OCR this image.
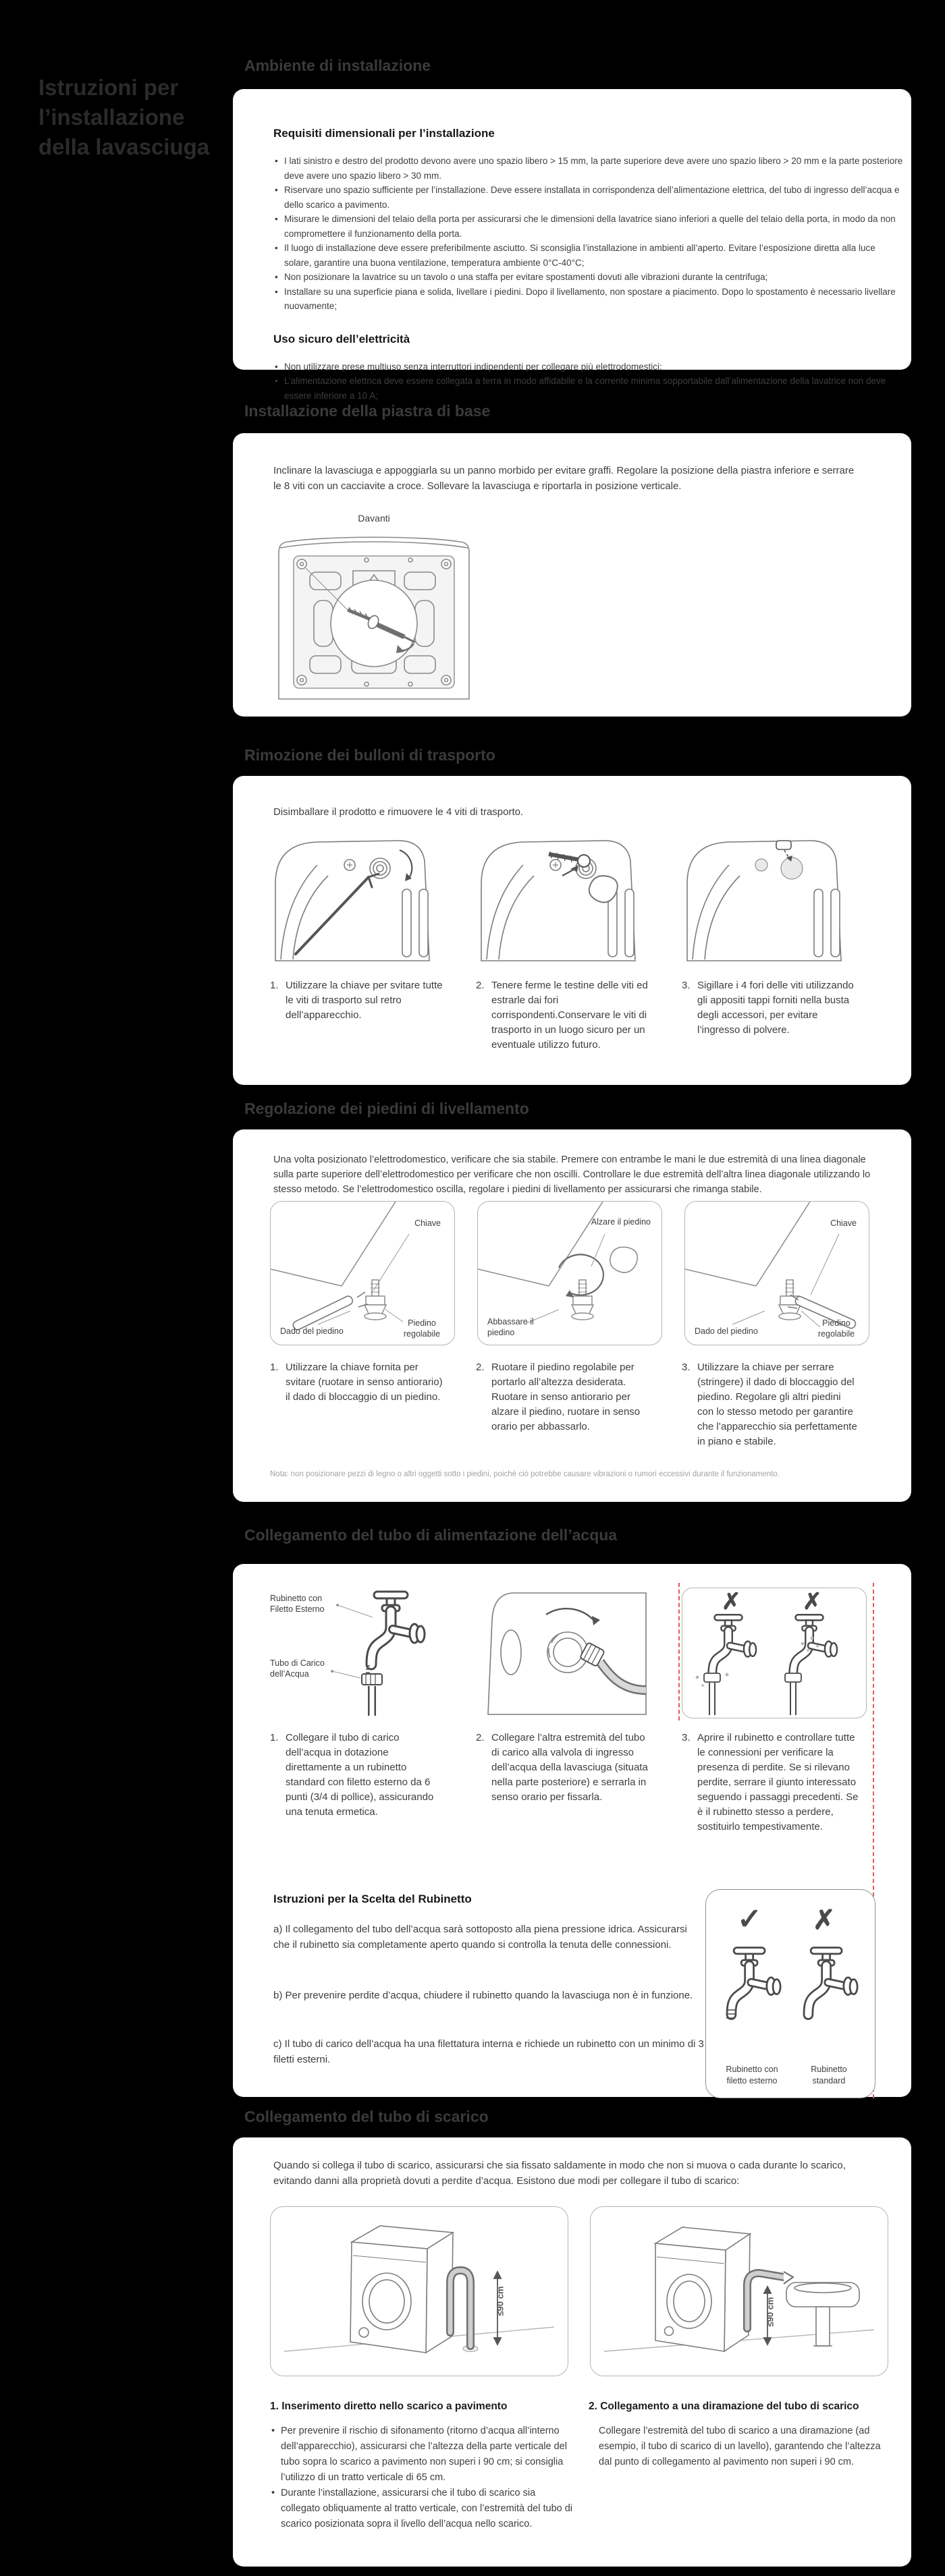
Istruzioni per l’installazione della lavasciuga
Ambiente di installazione
Requisiti dimensionali per l’installazione
• I lati sinistro e destro del prodotto devono avere uno spazio libero > 15 mm, la parte superiore deve avere uno spazio libero > 20 mm e la parte posteriore deve avere uno spazio libero > 30 mm.
• Riservare uno spazio sufficiente per l’installazione. Deve essere installata in corrispondenza dell’alimentazione elettrica, del tubo di ingresso dell’acqua e dello scarico a pavimento.
• Misurare le dimensioni del telaio della porta per assicurarsi che le dimensioni della lavatrice siano inferiori a quelle del telaio della porta, in modo da non compromettere il funzionamento della porta.
• Il luogo di installazione deve essere preferibilmente asciutto. Si sconsiglia l’installazione in ambienti all’aperto. Evitare l’esposizione diretta alla luce solare, garantire una buona ventilazione, temperatura ambiente 0°C-40°C;
• Non posizionare la lavatrice su un tavolo o una staffa per evitare spostamenti dovuti alle vibrazioni durante la centrifuga;
• Installare su una superficie piana e solida, livellare i piedini. Dopo il livellamento, non spostare a piacimento. Dopo lo spostamento è necessario livellare nuovamente;
Uso sicuro dell’elettricità
• Non utilizzare prese multiuso senza interruttori indipendenti per collegare più elettrodomestici;
• L’alimentazione elettrica deve essere collegata a terra in modo affidabile e la corrente minima sopportabile dall’alimentazione della lavatrice non deve essere inferiore a 10 A;
Installazione della piastra di base

Inclinare la lavasciuga e appoggiarla su un panno morbido per evitare graffi. Regolare la posizione della piastra inferiore e serrare le 8 viti con un cacciavite a croce. Sollevare la lavasciuga e riportarla in posizione verticale.

Davanti
Rimozione dei bulloni di trasporto

Disimballare il prodotto e rimuovere le 4 viti di trasporto.

1. Utilizzare la chiave per svitare tutte le viti di trasporto sul retro dell’apparecchio.
2. Tenere ferme le testine delle viti ed estrarle dai fori corrispondenti.Conservare le viti di trasporto in un luogo sicuro per un eventuale utilizzo futuro.
3. Sigillare i 4 fori delle viti utilizzando gli appositi tappi forniti nella busta degli accessori, per evitare l’ingresso di polvere.
Regolazione dei piedini di livellamento

Una volta posizionato l’elettrodomestico, verificare che sia stabile. Premere con entrambe le mani le due estremità di una linea diagonale sulla parte superiore dell’elettrodomestico per verificare che non oscilli. Controllare le due estremità dell’altra linea diagonale utilizzando lo stesso metodo. Se l’elettrodomestico oscilla, regolare i piedini di livellamento per assicurarsi che rimanga stabile.

Chiave
Dado del piedino
Piedino regolabile
Alzare il piedino
Abbassare il piedino
Chiave
Dado del piedino
Piedino regolabile
1. Utilizzare la chiave fornita per svitare (ruotare in senso antiorario) il dado di bloccaggio di un piedino.
2. Ruotare il piedino regolabile per portarlo all’altezza desiderata. Ruotare in senso antiorario per alzare il piedino, ruotare in senso orario per abbassarlo.
3. Utilizzare la chiave per serrare (stringere) il dado di bloccaggio del piedino. Regolare gli altri piedini con lo stesso metodo per garantire che l’apparecchio sia perfettamente in piano e stabile.

Nota: non posizionare pezzi di legno o altri oggetti sotto i piedini, poiché ciò potrebbe causare vibrazioni o rumori eccessivi durante il funzionamento.

Collegamento del tubo di alimentazione dell’acqua
Rubinetto con Filetto Esterno
Tubo di Carico dell’Acqua
✗	✗
1. Collegare il tubo di carico dell’acqua in dotazione direttamente a un rubinetto standard con filetto esterno da 6 punti (3/4 di pollice), assicurando una tenuta ermetica.
2. Collegare l’altra estremità del tubo di carico alla valvola di ingresso dell’acqua della lavasciuga (situata nella parte posteriore) e serrarla in senso orario per fissarla.
3. Aprire il rubinetto e controllare tutte le connessioni per verificare la presenza di perdite. Se si rilevano perdite, serrare il giunto interessato seguendo i passaggi precedenti. Se è il rubinetto stesso a perdere, sostituirlo tempestivamente.
Istruzioni per la Scelta del Rubinetto

a) Il collegamento del tubo dell’acqua sarà sottoposto alla piena pressione idrica. Assicurarsi che il rubinetto sia completamente aperto quando si controlla la tenuta delle connessioni.

b) Per prevenire perdite d’acqua, chiudere il rubinetto quando la lavasciuga non è in funzione.

c) Il tubo di carico dell’acqua ha una filettatura interna e richiede un rubinetto con un minimo di 3 filetti esterni.

✓ ✗
Rubinetto con filetto esterno
Rubinetto standard
Collegamento del tubo di scarico

Quando si collega il tubo di scarico, assicurarsi che sia fissato saldamente in modo che non si muova o cada durante lo scarico, evitando danni alla proprietà dovuti a perdite d’acqua. Esistono due modi per collegare il tubo di scarico:

≤90 cm	≤90 cm
1. Inserimento diretto nello scarico a pavimento	2. Collegamento a una diramazione del tubo di scarico
• Per prevenire il rischio di sifonamento (ritorno d’acqua all’interno dell’apparecchio), assicurarsi che l’altezza della parte verticale del tubo sopra lo scarico a pavimento non superi i 90 cm; si consiglia l’utilizzo di un tratto verticale di 65 cm.
• Durante l’installazione, assicurarsi che il tubo di scarico sia collegato obliquamente al tratto verticale, con l’estremità del tubo di scarico posizionata sopra il livello dell’acqua nello scarico.
Collegare l’estremità del tubo di scarico a una diramazione (ad esempio, il tubo di scarico di un lavello), garantendo che l’altezza dal punto di collegamento al pavimento non superi i 90 cm.
